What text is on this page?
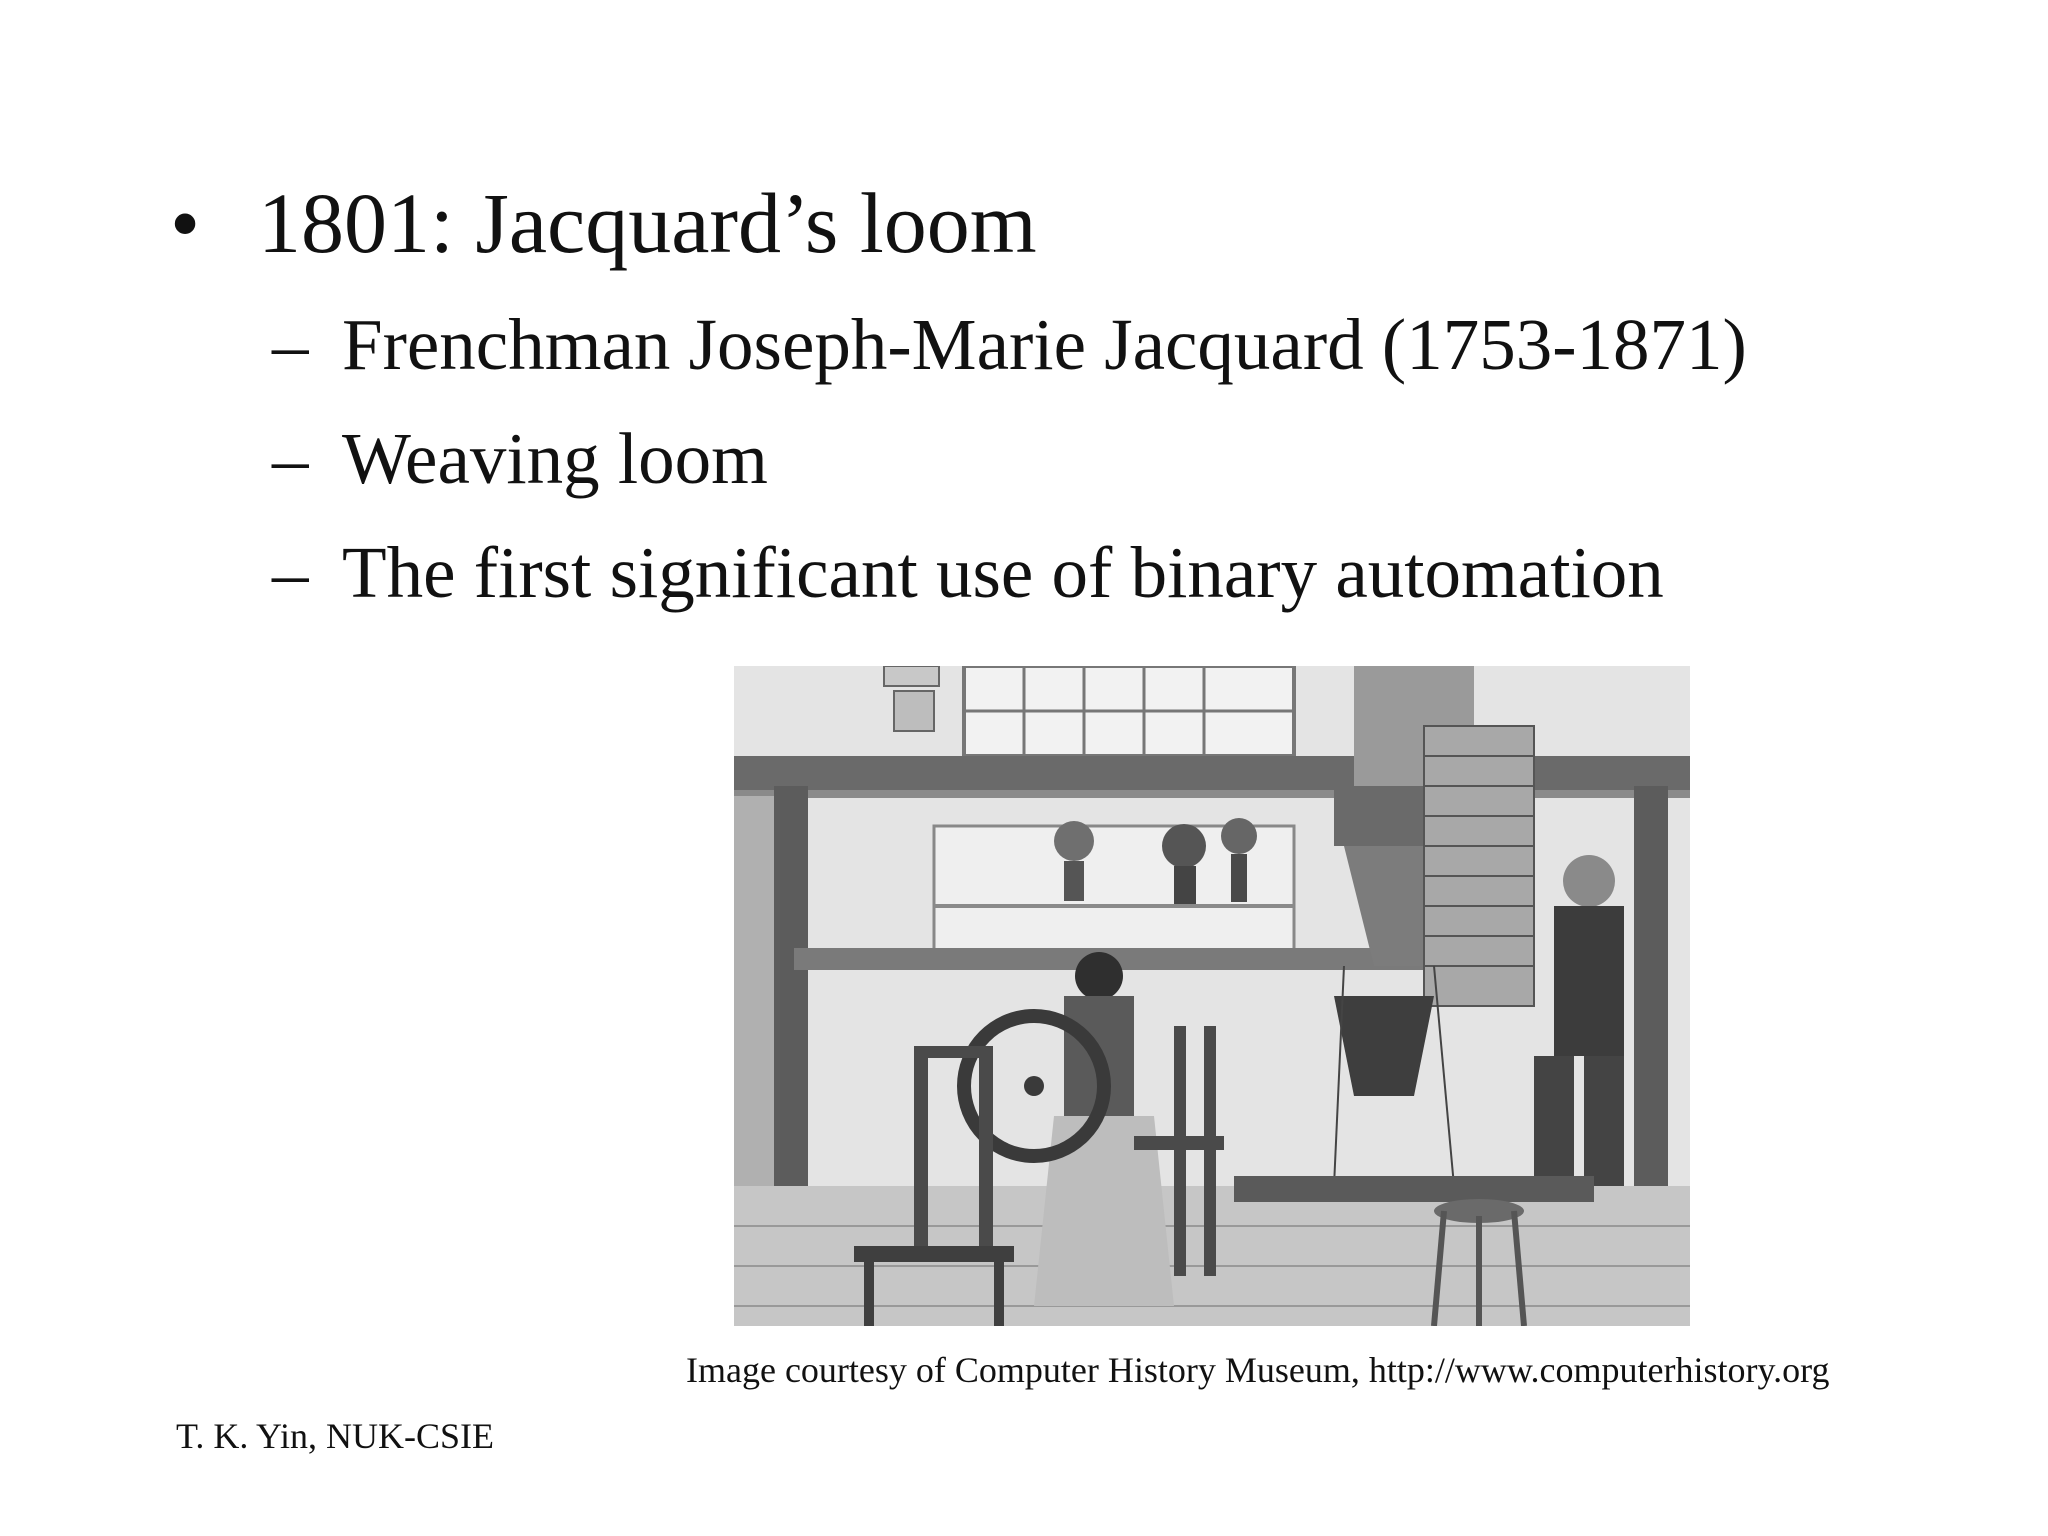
• 1801: Jacquard’s loom
– Frenchman Joseph-Marie Jacquard (1753-1871)
– Weaving loom
– The first significant use of binary automation
Image courtesy of Computer History Museum, http://www.computerhistory.org
T. K. Yin, NUK-CSIE
